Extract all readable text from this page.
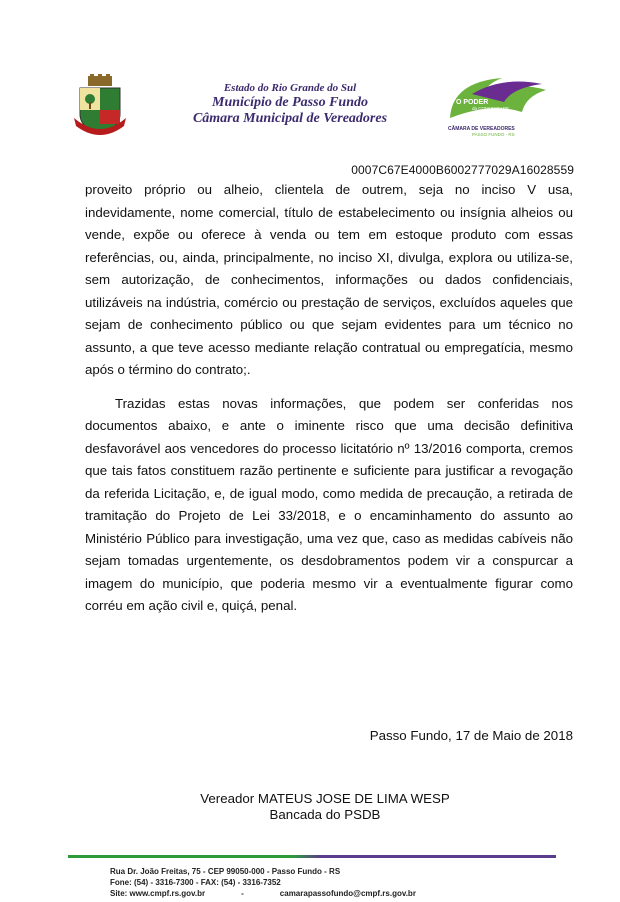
Estado do Rio Grande do Sul
Município de Passo Fundo
Câmara Municipal de Vereadores
O PODER
da COMUNIDADE
CÂMARA DE VEREADORES
PASSO FUNDO - RS
0007C67E4000B6002777029A16028559

proveito próprio ou alheio, clientela de outrem, seja no inciso V usa, indevidamente, nome comercial, título de estabelecimento ou insígnia alheios ou vende, expõe ou oferece à venda ou tem em estoque produto com essas referências, ou, ainda, principalmente, no inciso XI, divulga, explora ou utiliza-se, sem autorização, de conhecimentos, informações ou dados confidenciais, utilizáveis na indústria, comércio ou prestação de serviços, excluídos aqueles que sejam de conhecimento público ou que sejam evidentes para um técnico no assunto, a que teve acesso mediante relação contratual ou empregatícia, mesmo após o término do contrato;.

Trazidas estas novas informações, que podem ser conferidas nos documentos abaixo, e ante o iminente risco que uma decisão definitiva desfavorável aos vencedores do processo licitatório nº 13/2016 comporta, cremos que tais fatos constituem razão pertinente e suficiente para justificar a revogação da referida Licitação, e, de igual modo, como medida de precaução, a retirada de tramitação do Projeto de Lei 33/2018, e o encaminhamento do assunto ao Ministério Público para investigação, uma vez que, caso as medidas cabíveis não sejam tomadas urgentemente, os desdobramentos podem vir a conspurcar a imagem do município, que poderia mesmo vir a eventualmente figurar como corréu em ação civil e, quiçá, penal.

Passo Fundo, 17 de Maio de 2018
Vereador MATEUS JOSE DE LIMA WESP
Bancada do PSDB
Rua Dr. João Freitas, 75 - CEP 99050-000 - Passo Fundo - RS
Fone: (54) - 3316-7300 - FAX: (54) - 3316-7352
Site: www.cmpf.rs.gov.br	-	camarapassofundo@cmpf.rs.gov.br
